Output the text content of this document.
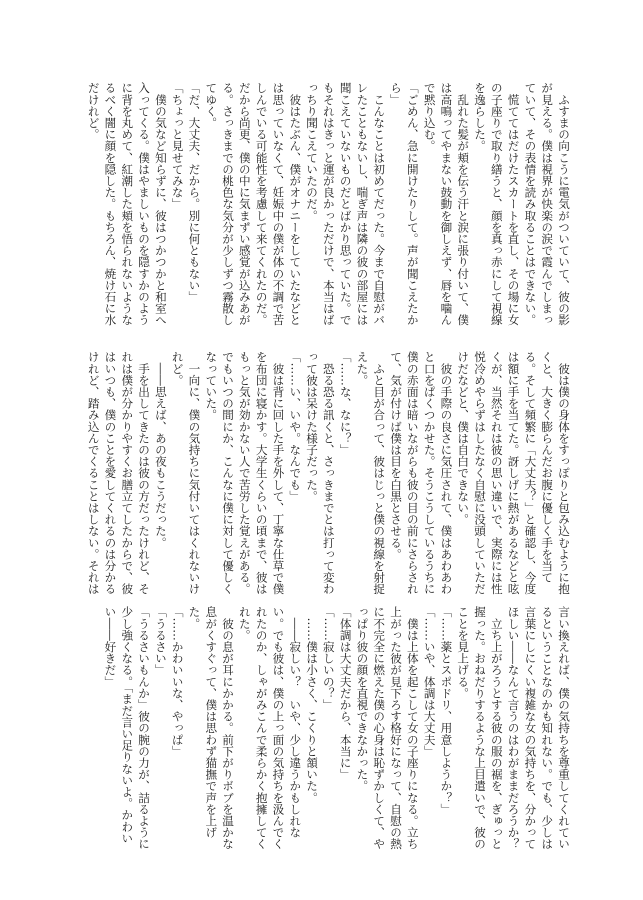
　ふすまの向こうに電気がついていて、彼の影
が見える。僕は視界が快楽の涙で霞んでしまっ
ていて、その表情を読み取ることはできない。
　慌ててはだけたスカートを直し、その場に女
の子座りで取り繕うと、顔を真っ赤にして視線
を逸らした。
　乱れた髪が頬を伝う汗と涙に張り付いて、僕
は高鳴ってやまない鼓動を御しえず、唇を噛ん
で黙り込む。
「ごめん、急に開けたりして。声が聞こえたか
ら」
　こんなことは初めてだった。今まで自慰がバ
レたこともないし、喘ぎ声は隣の彼の部屋には
聞こえていないものだとばかり思っていた。で
もそれはきっと運が良かっただけで、本当はば
っちり聞こえていたのだ。
　彼はたぶん、僕がオナニーをしていたなどと
は思っていなくて、妊娠中の僕が体の不調で苦
しんでいる可能性を考慮して来てくれたのだ。
だから尚更、僕の中に気まずい感覚が込みあが
る。さっきまでの桃色な気分が少しずつ霧散し
てゆく。
「だ、大丈夫、だから。別に何ともない」
「ちょっと見せてみな」
　僕の気など知らずに、彼はつかつかと和室へ
入ってくる。僕はやましいものを隠すかのよう
に背を丸めて、紅潮した頬を悟られないような
るべく闇に顔を隠した。もちろん、焼け石に水
だけれど。
　彼は僕の身体をすっぽりと包み込むように抱
くと、大きく膨らんだお腹に優しく手を当て
る。そして頻繁に「大丈夫？」と確認し、今度
は額に手を当てた。訝しげに熱があるなどと呟
くが、当然それは彼の思い違いで、実際には性
悦冷めやらずはしたなく自慰に没頭していただ
けだなどと、僕は自白できない。
　彼の手際の良さに気圧されて、僕はあわあわ
と口をぱくつかせた。そうこうしているうちに
僕の赤面は暗いながらも彼の目の前にさらされ
て、気が付けば僕は目を白黒とさせる。
　ふと目が合って、彼はじっと僕の視線を射捉
えた。
「……な、なに？」
　恐る恐る訊くと、さっきまでとは打って変わ
って彼は呆けた様子だった。
「……い、いや。なんでも」
　彼は背に回した手を外して、丁寧な仕草で僕
を布団に寝かす。大学生くらいの頃まで、彼は
もっと気が効かない人で苦労した覚えがある。
でもいつの間にか、こんなに僕に対して優しく
なっていた。
　一向に、僕の気持ちに気付いてはくれないけ
れど。
　――思えば、あの夜もこうだった。
　手を出してきたのは彼の方だったけれど、そ
れは僕が分かりやすくお膳立てしたからで、彼
はいつも、僕のことを愛してくれるのは分かる
けれど、踏み込んでくることはしない。それは
言い換えれば、僕の気持ちを尊重してくれてい
るということなのかも知れない。でも、少しは
言葉にしにくい複雑な女の気持ちを、分かって
ほしい――なんて言うのはわがままだろうか？
　立ち上がろうとする彼の服の裾を、ぎゅっと
握った。おねだりするような上目遣いで、彼の
ことを見上げる。
「……薬とスポドリ、用意しようか？」
「……いや、体調は大丈夫」
　僕は上体を起こして女の子座りになる。立ち
上がった彼が見下ろす格好になって、自慰の熱
に不完全に燃えた僕の心身は恥ずかしくて、や
っぱり彼の顔を直視できなかった。
「体調は大丈夫だから、本当に」
「……寂しいの？」
　……僕は小さく、こくりと頷いた。
　――寂しい？　いや、少し違うかもしれな
い。でも彼は、僕の上っ面の気持ちを汲んでく
れたのか、しゃがみこんで柔らかく抱擁してく
れた。
　彼の息が耳にかかる。前下がりボブを温かな
息がくすぐって、僕は思わず猫撫で声を上げ
た。
「……かわいいな、やっぱ」
「うるさい」
「うるさいもんか」彼の腕の力が、詰るように
少し強くなる。「まだ言い足りないよ。かわい
い――好きだ」
